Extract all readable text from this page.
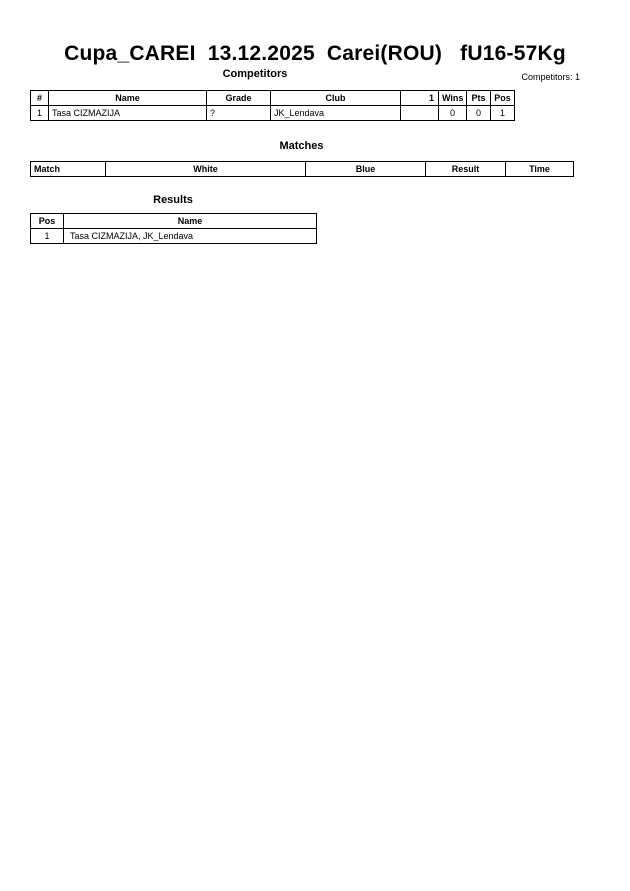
Cupa_CAREI  13.12.2025  Carei(ROU)   fU16-57Kg
Competitors	Competitors: 1
#	Name	Grade	Club	1	Wins	Pts	Pos
1	Tasa CIZMAZIJA	?	JK_Lendava		0	0	1
Matches
Match	White	Blue	Result	Time
Results
Pos	Name
1	Tasa CIZMAZIJA, JK_Lendava
